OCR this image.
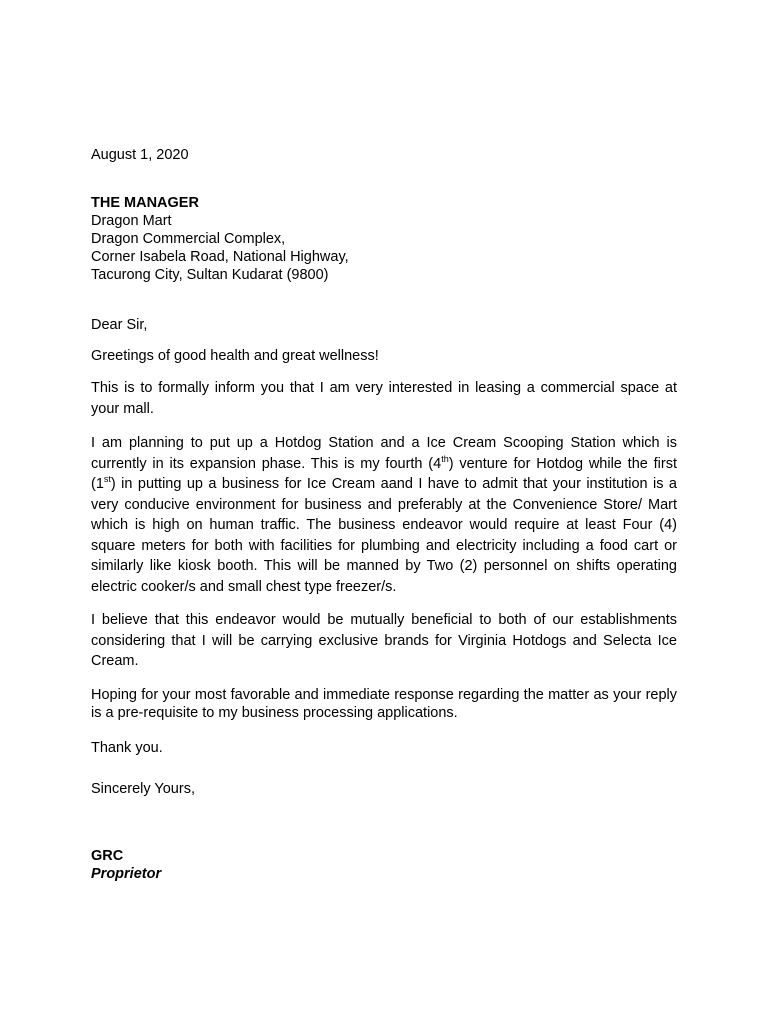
August 1, 2020
THE MANAGER
Dragon Mart
Dragon Commercial Complex,
Corner Isabela Road, National Highway,
Tacurong City, Sultan Kudarat (9800)
Dear Sir,
Greetings of good health and great wellness!

This is to formally inform you that I am very interested in leasing a commercial space at your mall.

I am planning to put up a Hotdog Station and a Ice Cream Scooping Station which is currently in its expansion phase. This is my fourth (4th) venture for Hotdog while the first (1st) in putting up a business for Ice Cream aand I have to admit that your institution is a very conducive environment for business and preferably at the Convenience Store/ Mart which is high on human traffic. The business endeavor would require at least Four (4) square meters for both with facilities for plumbing and electricity including a food cart or similarly like kiosk booth. This will be manned by Two (2) personnel on shifts operating electric cooker/s and small chest type freezer/s.

I believe that this endeavor would be mutually beneficial to both of our establishments considering that I will be carrying exclusive brands for Virginia Hotdogs and Selecta Ice Cream.

Hoping for your most favorable and immediate response regarding the matter as your reply is a pre-requisite to my business processing applications.

Thank you.
Sincerely Yours,
GRC
Proprietor
